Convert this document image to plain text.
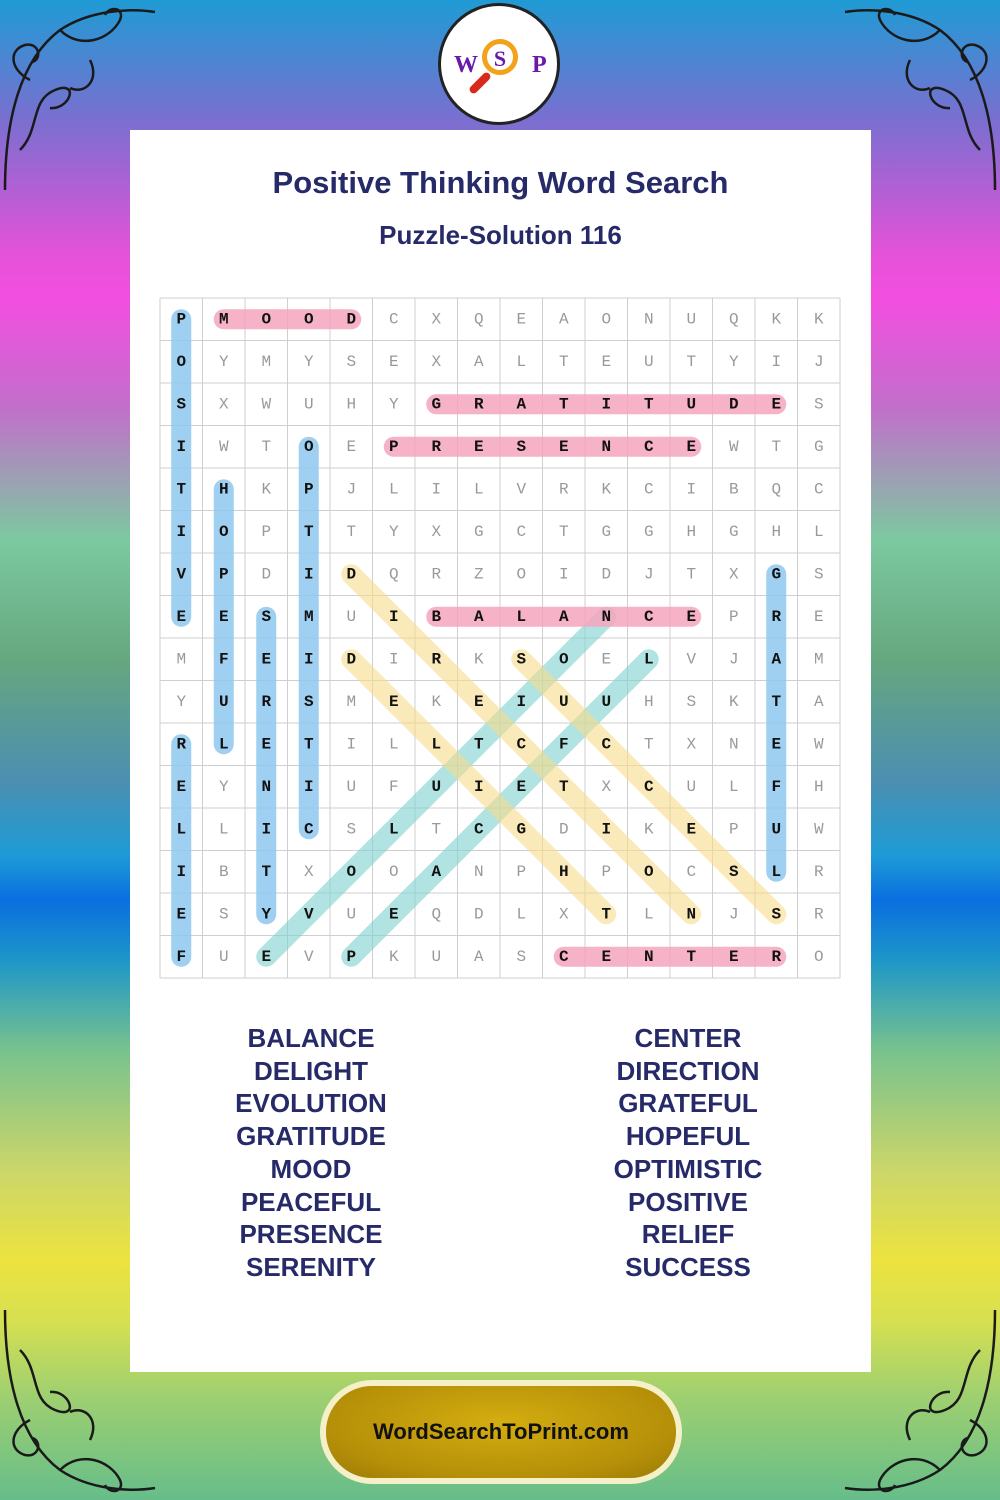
W S P
Positive Thinking Word Search
Puzzle-Solution 116
P M O O D C X Q E A O N U Q K K
O Y M Y S E X A L T E U T Y I J
S X W U H Y G R A T I T U D E S
I W T O E P R E S E N C E W T G
T H K P J L I L V R K C I B Q C
I O P T T Y X G C T G G H G H L
V P D I D Q R Z O I D J T X G S
E E S M U I B A L A N C E P R E
M F E I D I R K S O E L V J A M
Y U R S M E K E I U U H S K T A
R L E T I L L T C F C T X N E W
E Y N I U F U I E T X C U L F H
L L I C S L T C G D I K E P U W
I B T X O O A N P H P O C S L R
E S Y V U E Q D L X T L N J S R
F U E V P K U A S C E N T E R O
BALANCE
DELIGHT
EVOLUTION
GRATITUDE
MOOD
PEACEFUL
PRESENCE
SERENITY
CENTER
DIRECTION
GRATEFUL
HOPEFUL
OPTIMISTIC
POSITIVE
RELIEF
SUCCESS
WordSearchToPrint.com
